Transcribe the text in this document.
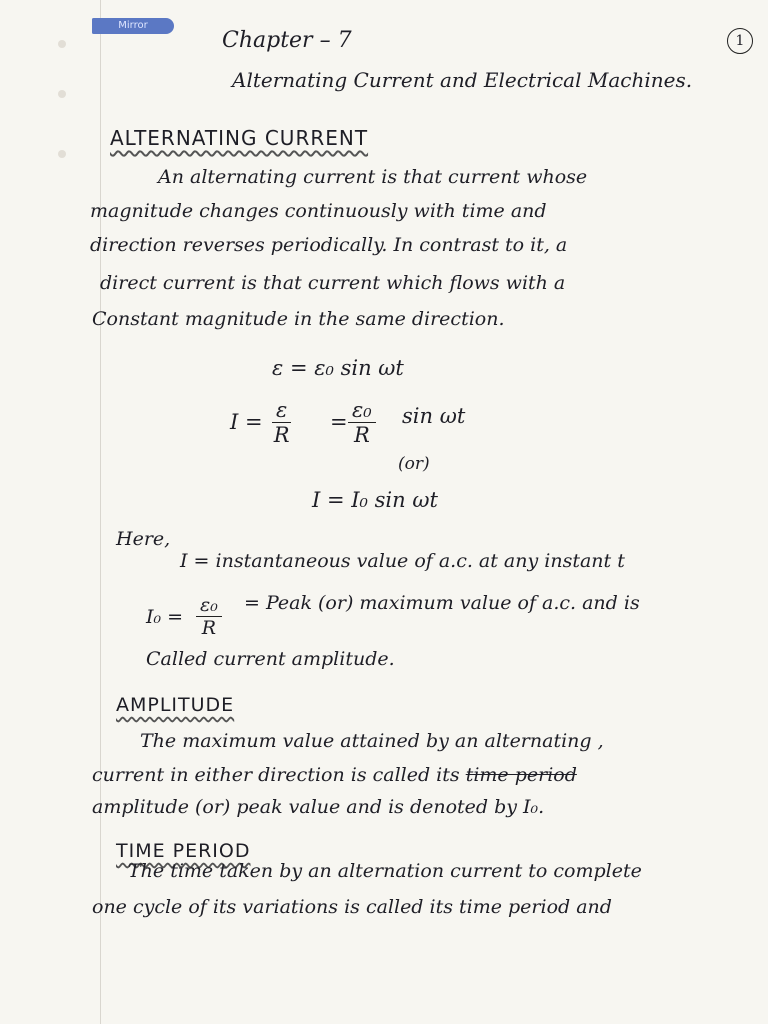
Mirror
1
Chapter – 7
Alternating Current and Electrical Machines.
ALTERNATING CURRENT
An alternating current is that current whose
magnitude changes continuously with time and
direction reverses periodically. In contrast to it, a
direct current is that current which flows with a
Constant magnitude in the same direction.
ε = ε₀ sin ωt
$I = \frac{\varepsilon}{R} = \frac{\text{ε₀}}{R}$ sin ωt
(or)
I = I₀ sin ωt
Here,
I = instantaneous value of a.c. at any instant t
$I_0 = \frac{\text{ε₀}}{R}$ = Peak (or) maximum value of a.c. and is
Called current amplitude.
AMPLITUDE
The maximum value attained by an alternating ,
current in either direction is called its time period
amplitude (or) peak value and is denoted by I₀.
TIME PERIOD
The time taken by an alternation current to complete
one cycle of its variations is called its time period and
